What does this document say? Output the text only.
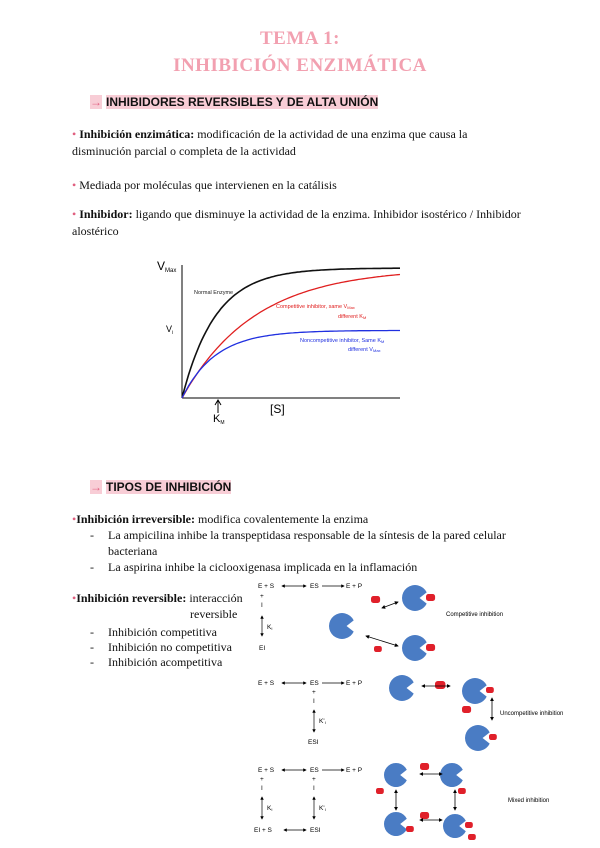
TEMA 1:
INHIBICIÓN ENZIMÁTICA
→ INHIBIDORES REVERSIBLES Y DE ALTA UNIÓN
• Inhibición enzimática: modificación de la actividad de una enzima que causa la
disminución parcial o completa de la actividad
• Mediada por moléculas que intervienen en la catálisis
• Inhibidor: ligando que disminuye la actividad de la enzima. Inhibidor isostérico / Inhibidor
alostérico
VMax
$V_i$
Normal Enzyme
Competitive inhibitor, same VMax
different KM
Noncompetitive inhibitor, Same KM
different VMax
KM
[S]
→ TIPOS DE INHIBICIÓN
•Inhibición irreversible: modifica covalentemente la enzima
- La ampicilina inhibe la transpeptidasa responsable de la síntesis de la pared celular
bacteriana
- La aspirina inhibe la ciclooxigenasa implicada en la inflamación
•Inhibición reversible: interacción
reversible
- Inhibición competitiva
- Inhibición no competitiva
- Inhibición acompetitiva
E + S	ES	E + P
+
I
KI
EI
Competitive inhibition
E + S	ES	E + P
+
I
K'I
ESI
Uncompetitive inhibition
E + S	ES	E + P
+
I
+
I
KI	K'I
EI + S	ESI
Mixed inhibition
